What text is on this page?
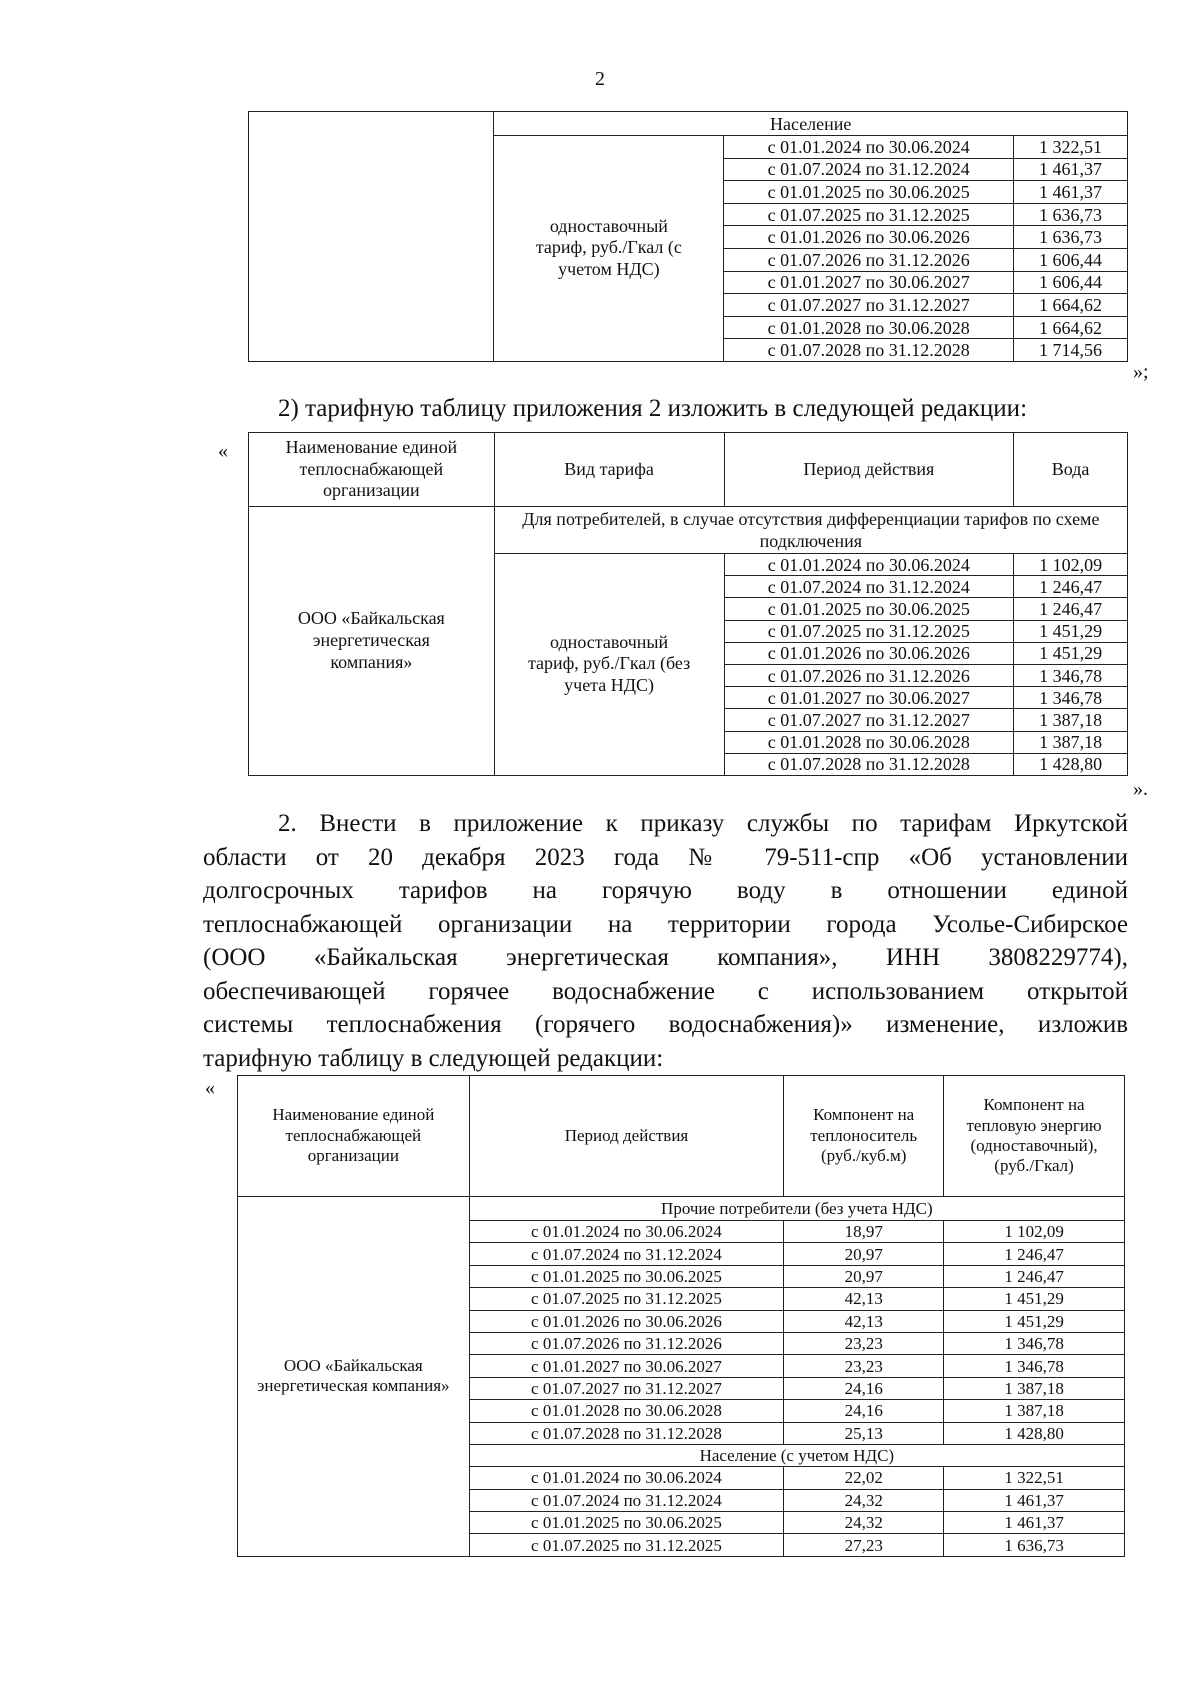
2
	Население		
	одноставочный тариф, руб./Гкал (с учетом НДС)	с 01.01.2024 по 30.06.2024	1 322,51
		с 01.07.2024 по 31.12.2024	1 461,37
		с 01.01.2025 по 30.06.2025	1 461,37
		с 01.07.2025 по 31.12.2025	1 636,73
		с 01.01.2026 по 30.06.2026	1 636,73
		с 01.07.2026 по 31.12.2026	1 606,44
		с 01.01.2027 по 30.06.2027	1 606,44
		с 01.07.2027 по 31.12.2027	1 664,62
		с 01.01.2028 по 30.06.2028	1 664,62
		с 01.07.2028 по 31.12.2028	1 714,56
»;
2) тарифную таблицу приложения 2 изложить в следующей редакции:
«	Наименование единой теплоснабжающей организации	Вид тарифа	Период действия	Вода
ООО «Байкальская энергетическая компания»	Для потребителей, в случае отсутствия дифференциации тарифов по схеме подключения		
	одноставочный тариф, руб./Гкал (без учета НДС)	с 01.01.2024 по 30.06.2024	1 102,09
		с 01.07.2024 по 31.12.2024	1 246,47
		с 01.01.2025 по 30.06.2025	1 246,47
		с 01.07.2025 по 31.12.2025	1 451,29
		с 01.01.2026 по 30.06.2026	1 451,29
		с 01.07.2026 по 31.12.2026	1 346,78
		с 01.01.2027 по 30.06.2027	1 346,78
		с 01.07.2027 по 31.12.2027	1 387,18
		с 01.01.2028 по 30.06.2028	1 387,18
		с 01.07.2028 по 31.12.2028	1 428,80
».
2. Внести в приложение к приказу службы по тарифам Иркутской
области от 20 декабря 2023 года № 79-511-спр «Об установлении
долгосрочных тарифов на горячую воду в отношении единой
теплоснабжающей организации на территории города Усолье-Сибирское
(ООО «Байкальская энергетическая компания», ИНН 3808229774),
обеспечивающей горячее водоснабжение с использованием открытой
системы теплоснабжения (горячего водоснабжения)» изменение, изложив
тарифную таблицу в следующей редакции:
«
Наименование единой теплоснабжающей организации	Период действия	Компонент на теплоноситель (руб./куб.м)	Компонент на тепловую энергию (одноставочный), (руб./Гкал)
ООО «Байкальская энергетическая компания»	Прочие потребители (без учета НДС)		
	с 01.01.2024 по 30.06.2024	18,97	1 102,09
	с 01.07.2024 по 31.12.2024	20,97	1 246,47
	с 01.01.2025 по 30.06.2025	20,97	1 246,47
	с 01.07.2025 по 31.12.2025	42,13	1 451,29
	с 01.01.2026 по 30.06.2026	42,13	1 451,29
	с 01.07.2026 по 31.12.2026	23,23	1 346,78
	с 01.01.2027 по 30.06.2027	23,23	1 346,78
	с 01.07.2027 по 31.12.2027	24,16	1 387,18
	с 01.01.2028 по 30.06.2028	24,16	1 387,18
	с 01.07.2028 по 31.12.2028	25,13	1 428,80
	Население (с учетом НДС)		
	с 01.01.2024 по 30.06.2024	22,02	1 322,51
	с 01.07.2024 по 31.12.2024	24,32	1 461,37
	с 01.01.2025 по 30.06.2025	24,32	1 461,37
	с 01.07.2025 по 31.12.2025	27,23	1 636,73
